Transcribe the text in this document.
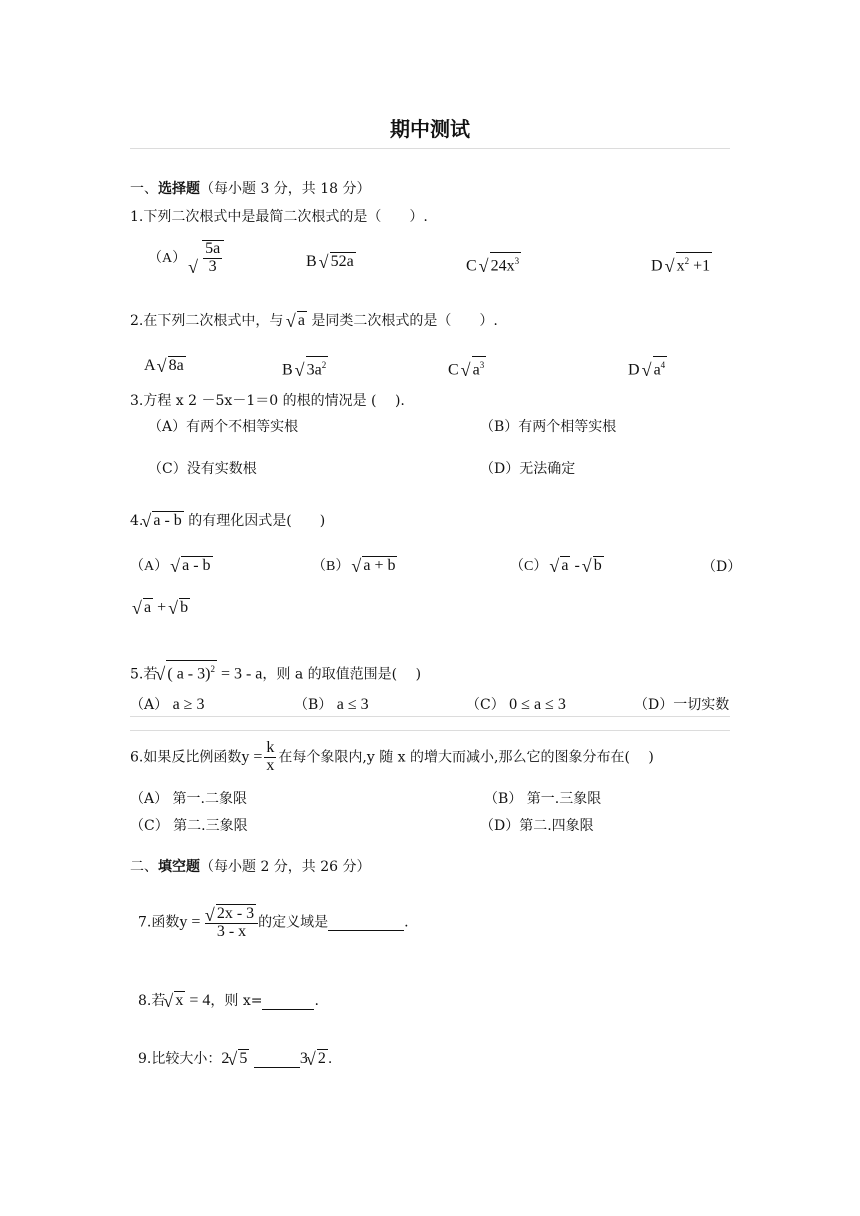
期中测试
一、选择题（每小题 3 分，共 18 分）
1.下列二次根式中是最简二次根式的是（　　）.
（A） √ $\frac{5a}{3}$	B √ 52a	C √ $24x^3$	D √ $x^2 +1$
2.在下列二次根式中，与 √ a 是同类二次根式的是（　　）.
A √ 8a	B √ $3a^2$	C √ $a^3$	D √ $a^4$
3.方程 x 2 －5x－1＝0 的根的情况是 (　 ).
（A）有两个不相等实根	（B）有两个相等实根
（C）没有实数根	（D）无法确定
4. √ a - b 的有理化因式是(　　)
（A） √ a - b	（B） √ a + b	（C） √ a - √ b	（D）
√ a + √ b
5.若 √ ( a - 3)$^2$ = 3 - a，则 a 的取值范围是(　 )
（A） a ≥ 3	（B） a ≤ 3	（C） 0 ≤ a ≤ 3	（D）一切实数
6.如果反比例函数$y = \frac{k}{x}$ 在每个象限内,y 随 x 的增大而减小,那么它的图象分布在(　 )
（A） 第一.二象限	（B） 第一.三象限
（C） 第二.三象限	（D）第二.四象限
二、填空题（每小题 2 分，共 26 分）
7.函数y = √ $\frac{2x - 3}{3 - x}$ 的定义域是	.
8.若 √ x = 4，则 x=	.
9.比较大小：2 √ 5	3 √ 2 .
